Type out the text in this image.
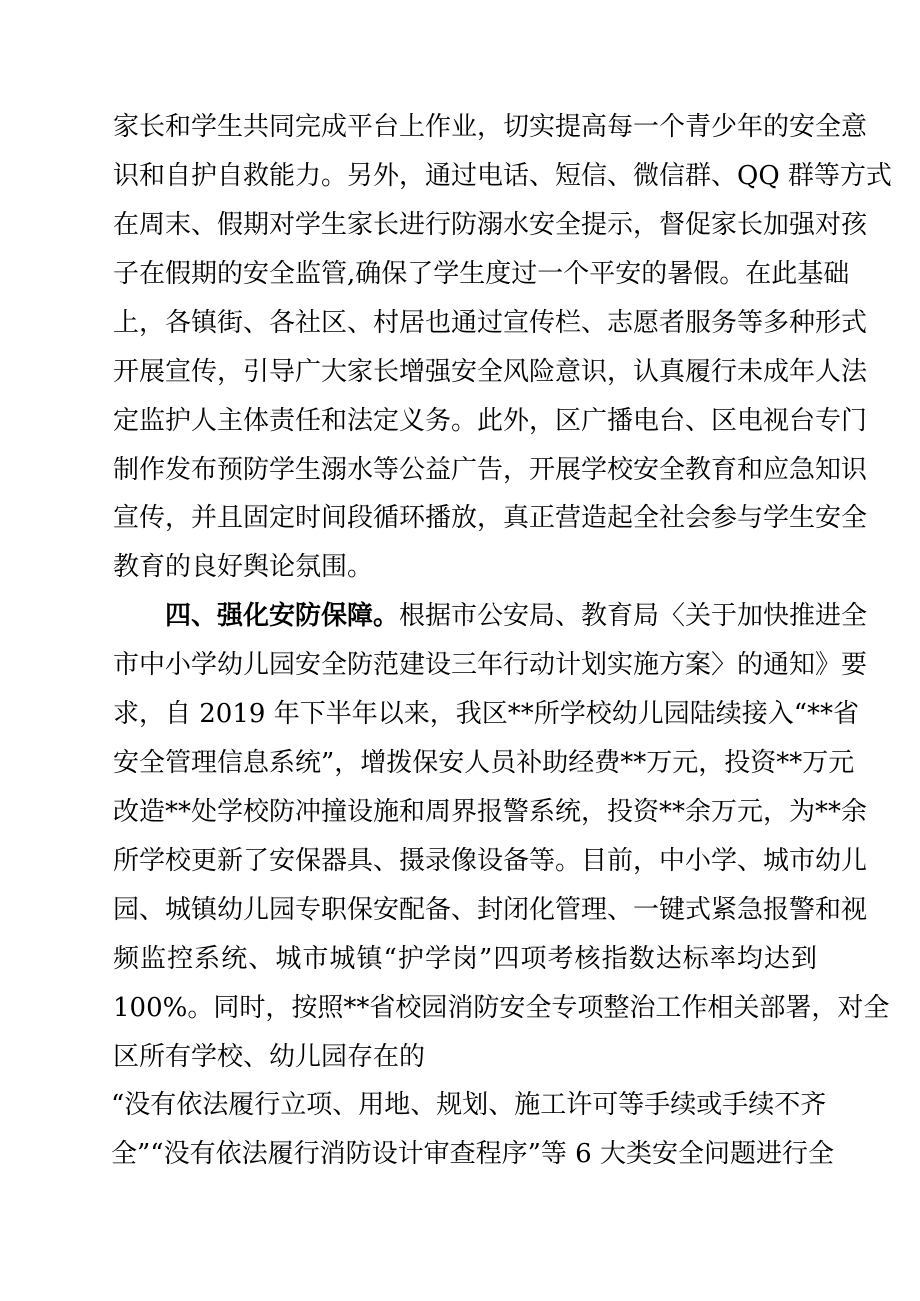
家长和学生共同完成平台上作业，切实提高每一个青少年的安全意
识和自护自救能力。另外，通过电话、短信、微信群、QQ 群等方式
在周末、假期对学生家长进行防溺水安全提示，督促家长加强对孩
子在假期的安全监管,确保了学生度过一个平安的暑假。在此基础
上，各镇街、各社区、村居也通过宣传栏、志愿者服务等多种形式
开展宣传，引导广大家长增强安全风险意识，认真履行未成年人法
定监护人主体责任和法定义务。此外，区广播电台、区电视台专门
制作发布预防学生溺水等公益广告，开展学校安全教育和应急知识
宣传，并且固定时间段循环播放，真正营造起全社会参与学生安全
教育的良好舆论氛围。
四、强化安防保障。根据市公安局、教育局〈关于加快推进全
市中小学幼儿园安全防范建设三年行动计划实施方案〉的通知》要
求，自 2019 年下半年以来，我区**所学校幼儿园陆续接入“**省
安全管理信息系统”，增拨保安人员补助经费**万元，投资**万元
改造**处学校防冲撞设施和周界报警系统，投资**余万元，为**余
所学校更新了安保器具、摄录像设备等。目前，中小学、城市幼儿
园、城镇幼儿园专职保安配备、封闭化管理、一键式紧急报警和视
频监控系统、城市城镇“护学岗”四项考核指数达标率均达到
100%。同时，按照**省校园消防安全专项整治工作相关部署，对全
区所有学校、幼儿园存在的
“没有依法履行立项、用地、规划、施工许可等手续或手续不齐
全”“没有依法履行消防设计审查程序”等 6 大类安全问题进行全
